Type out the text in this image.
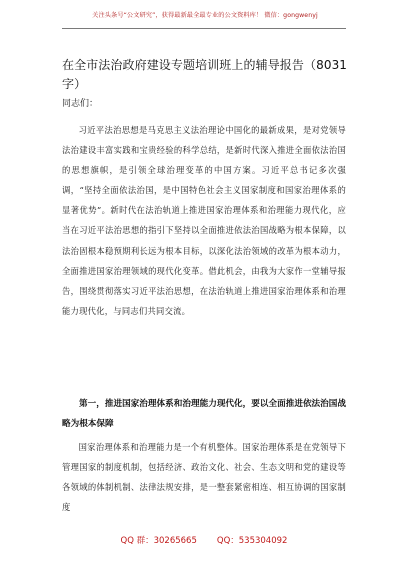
关注头条号“公文研究”，获得最新最全最专业的公文资料库！ 微信：gongwenyj
在全市法治政府建设专题培训班上的辅导报告（8031 字）
同志们：
习近平法治思想是马克思主义法治理论中国化的最新成果，是对党领导法治建设丰富实践和宝贵经验的科学总结，是新时代深入推进全面依法治国的思想旗帜，是引领全球治理变革的中国方案。习近平总书记多次强调，“坚持全面依法治国，是中国特色社会主义国家制度和国家治理体系的显著优势”。新时代在法治轨道上推进国家治理体系和治理能力现代化，应当在习近平法治思想的指引下坚持以全面推进依法治国战略为根本保障，以法治固根本稳预期利长远为根本目标，以深化法治领域的改革为根本动力，全面推进国家治理领域的现代化变革。借此机会，由我为大家作一堂辅导报告，围绕贯彻落实习近平法治思想，在法治轨道上推进国家治理体系和治理能力现代化，与同志们共同交流。
第一，推进国家治理体系和治理能力现代化，要以全面推进依法治国战略为根本保障
国家治理体系和治理能力是一个有机整体。国家治理体系是在党领导下管理国家的制度机制，包括经济、政治文化、社会、生态文明和党的建设等各领域的体制机制、法律法规安排，是一整套紧密相连、相互协调的国家制度
QQ 群：30265665 QQ：535304092
